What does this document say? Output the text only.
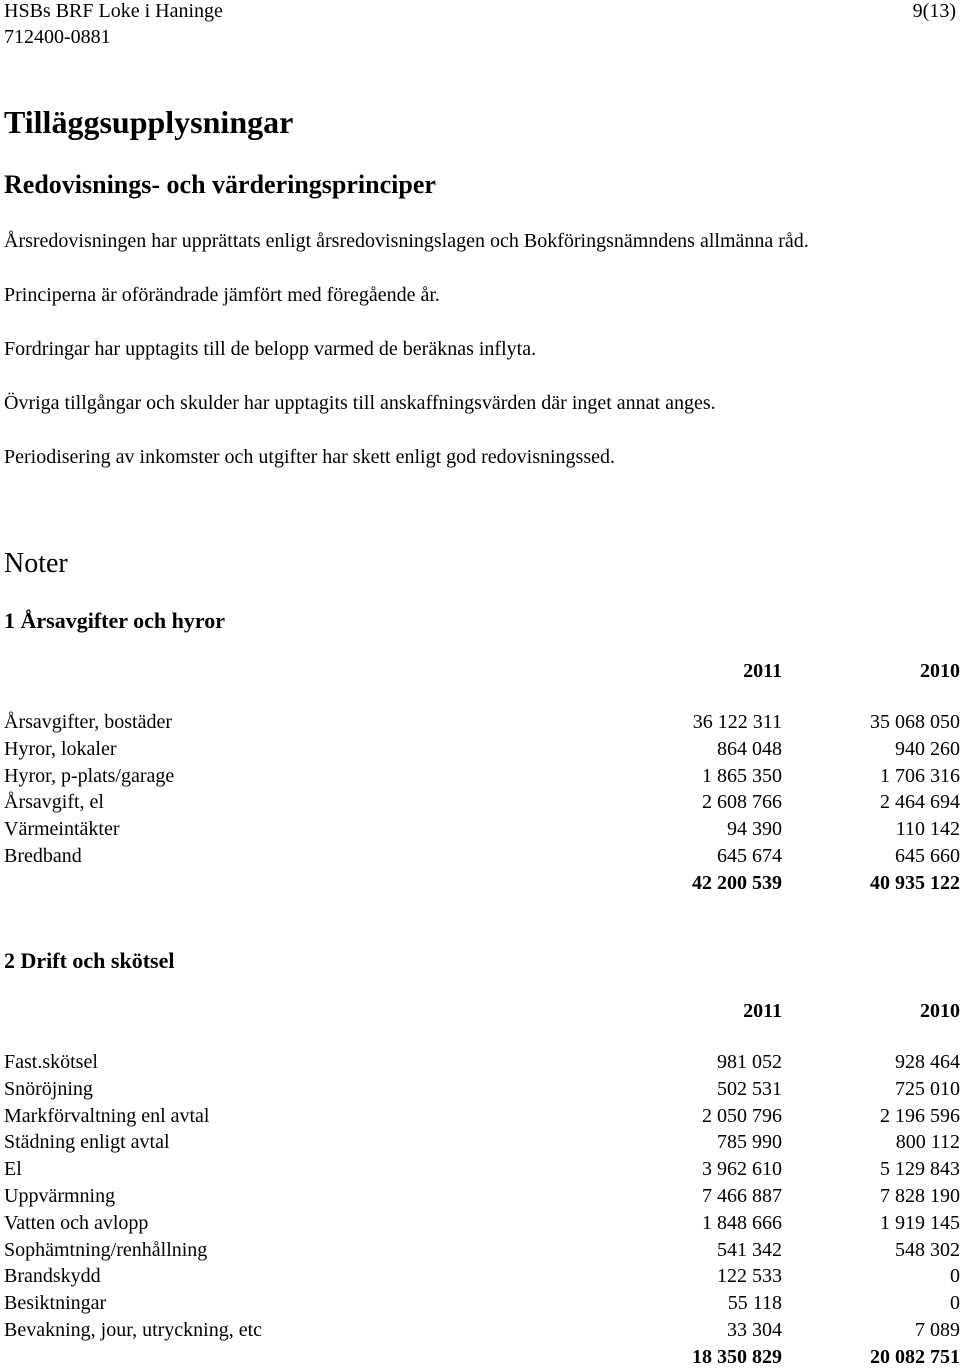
HSBs BRF Loke i Haninge
712400-0881
9(13)
Tilläggsupplysningar
Redovisnings- och värderingsprinciper
Årsredovisningen har upprättats enligt årsredovisningslagen och Bokföringsnämndens allmänna råd.
Principerna är oförändrade jämfört med föregående år.
Fordringar har upptagits till de belopp varmed de beräknas inflyta.
Övriga tillgångar och skulder har upptagits till anskaffningsvärden där inget annat anges.
Periodisering av inkomster och utgifter har skett enligt god redovisningssed.
Noter
1 Årsavgifter och hyror
2011	2010
Årsavgifter, bostäder	36 122 311	35 068 050
Hyror, lokaler	864 048	940 260
Hyror, p-plats/garage	1 865 350	1 706 316
Årsavgift, el	2 608 766	2 464 694
Värmeintäkter	94 390	110 142
Bredband	645 674	645 660
42 200 539	40 935 122
2 Drift och skötsel
2011	2010
Fast.skötsel	981 052	928 464
Snöröjning	502 531	725 010
Markförvaltning enl avtal	2 050 796	2 196 596
Städning enligt avtal	785 990	800 112
El	3 962 610	5 129 843
Uppvärmning	7 466 887	7 828 190
Vatten och avlopp	1 848 666	1 919 145
Sophämtning/renhållning	541 342	548 302
Brandskydd	122 533	0
Besiktningar	55 118	0
Bevakning, jour, utryckning, etc	33 304	7 089
18 350 829	20 082 751
